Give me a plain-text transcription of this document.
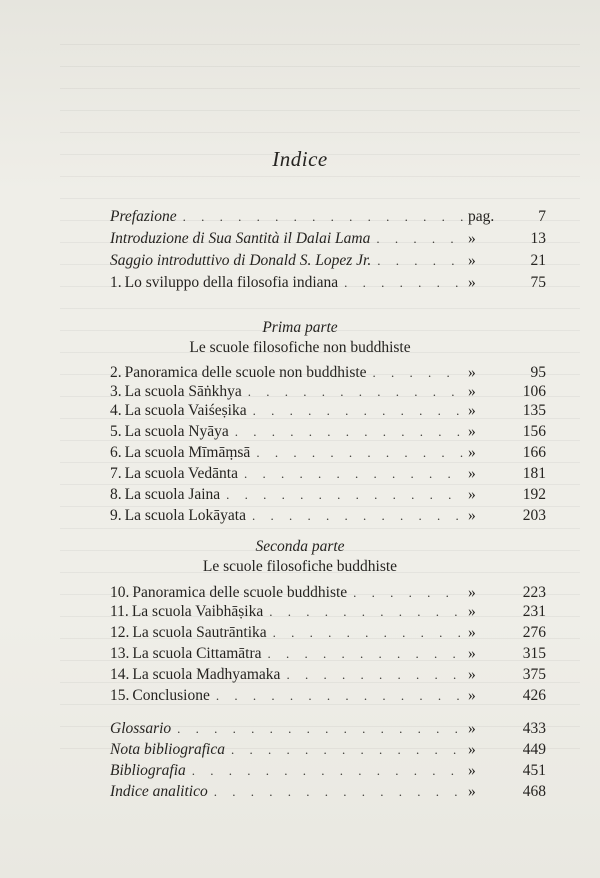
Indice
Prefazione . . .	pag.	7
Introduzione di Sua Santità il Dalai Lama . . .	»	13
Saggio introduttivo di Donald S. Lopez Jr. . . .	»	21
1. Lo sviluppo della filosofia indiana . . .	»	75
Prima parte
Le scuole filosofiche non buddhiste
2. Panoramica delle scuole non buddhiste . . .	»	95
3. La scuola Sāṅkhya . . .	»	106
4. La scuola Vaiśeṣika . . .	»	135
5. La scuola Nyāya . . .	»	156
6. La scuola Mīmāṃsā . . .	»	166
7. La scuola Vedānta . . .	»	181
8. La scuola Jaina . . .	»	192
9. La scuola Lokāyata . . .	»	203
Seconda parte
Le scuole filosofiche buddhiste
10. Panoramica delle scuole buddhiste . . .	»	223
11. La scuola Vaibhāṣika . . .	»	231
12. La scuola Sautrāntika . . .	»	276
13. La scuola Cittamātra . . .	»	315
14. La scuola Madhyamaka . . .	»	375
15. Conclusione . . .	»	426
Glossario . . .	»	433
Nota bibliografica . . .	»	449
Bibliografia . . .	»	451
Indice analitico . . .	»	468
